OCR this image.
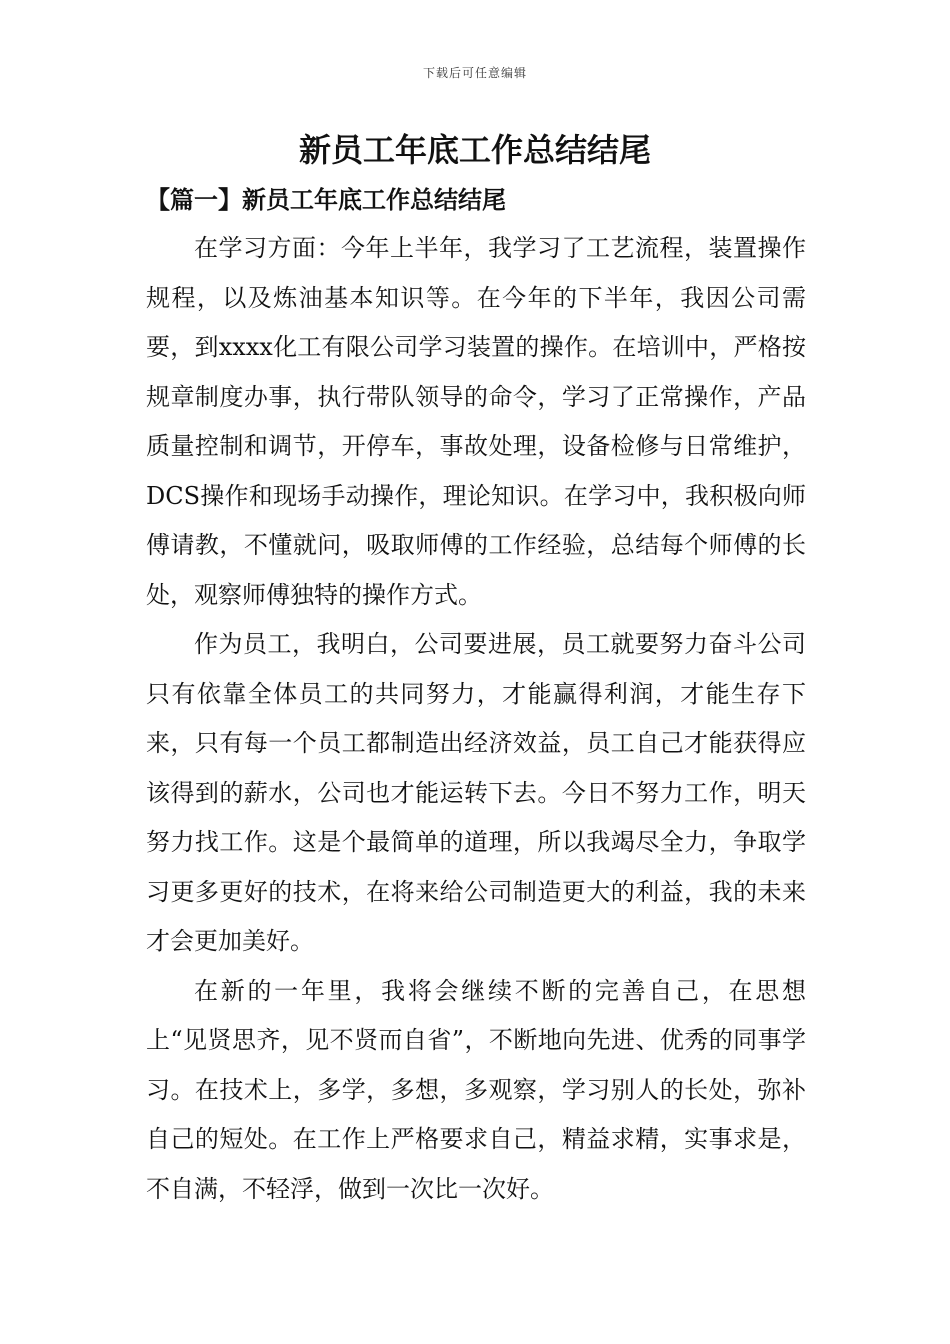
下载后可任意编辑
新员工年底工作总结结尾
【篇一】新员工年底工作总结结尾

在学习方面：今年上半年，我学习了工艺流程，装置操作规程，以及炼油基本知识等。在今年的下半年，我因公司需要，到xxxx化工有限公司学习装置的操作。在培训中，严格按规章制度办事，执行带队领导的命令，学习了正常操作，产品质量控制和调节，开停车，事故处理，设备检修与日常维护，DCS操作和现场手动操作，理论知识。在学习中，我积极向师傅请教，不懂就问，吸取师傅的工作经验，总结每个师傅的长处，观察师傅独特的操作方式。

作为员工，我明白，公司要进展，员工就要努力奋斗公司只有依靠全体员工的共同努力，才能赢得利润，才能生存下来，只有每一个员工都制造出经济效益，员工自己才能获得应该得到的薪水，公司也才能运转下去。今日不努力工作，明天努力找工作。这是个最简单的道理，所以我竭尽全力，争取学习更多更好的技术，在将来给公司制造更大的利益，我的未来才会更加美好。

在新的一年里，我将会继续不断的完善自己，在思想上“见贤思齐，见不贤而自省”，不断地向先进、优秀的同事学习。在技术上，多学，多想，多观察，学习别人的长处，弥补自己的短处。在工作上严格要求自己，精益求精，实事求是，不自满，不轻浮，做到一次比一次好。
